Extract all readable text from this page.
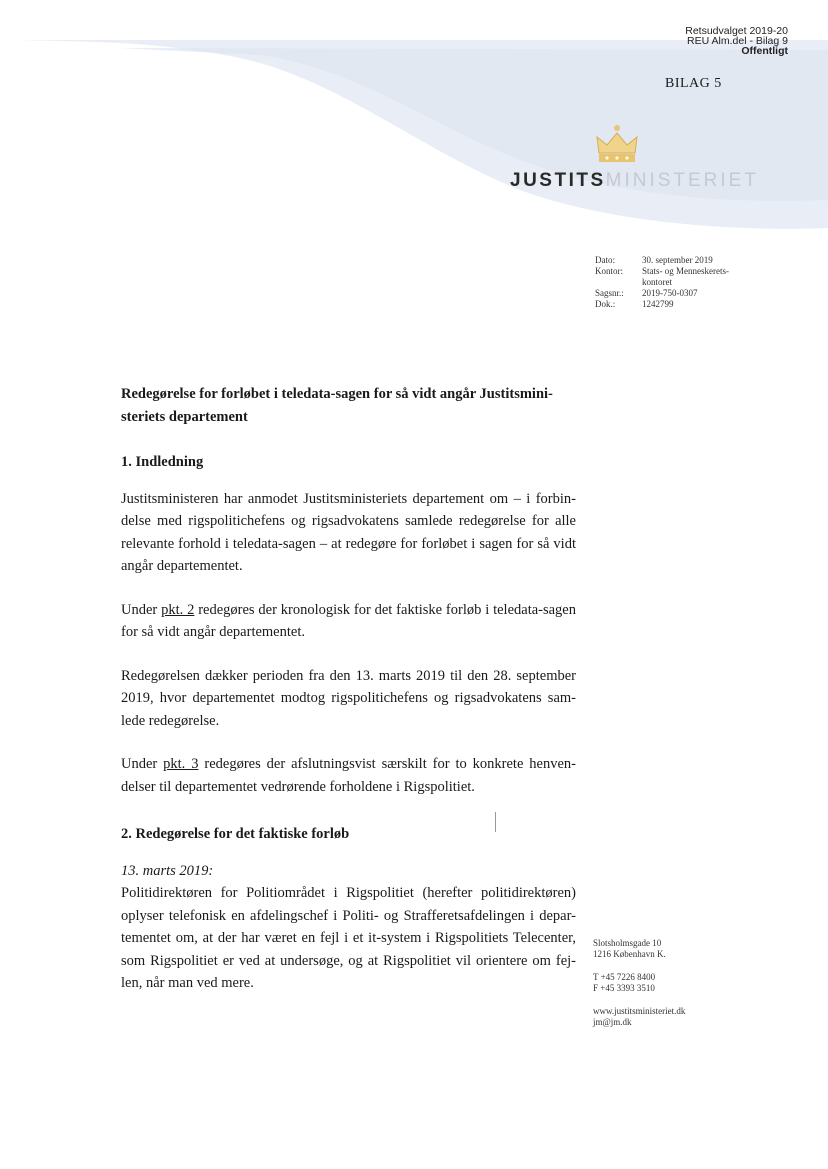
Retsudvalget 2019-20
REU Alm.del - Bilag 9
Offentligt
BILAG 5
JUSTITSMINISTERIET
Dato:	30. september 2019
Kontor:	Stats- og Menneskerets-
kontoret
Sagsnr.:	2019-750-0307
Dok.:	1242799

Redegørelse for forløbet i teledata-sagen for så vidt angår Justitsmini-steriets departement

1. Indledning

Justitsministeren har anmodet Justitsministeriets departement om – i forbin-delse med rigspolitichefens og rigsadvokatens samlede redegørelse for alle relevante forhold i teledata-sagen – at redegøre for forløbet i sagen for så vidt angår departementet.

Under pkt. 2 redegøres der kronologisk for det faktiske forløb i teledata-sagen for så vidt angår departementet.

Redegørelsen dækker perioden fra den 13. marts 2019 til den 28. september 2019, hvor departementet modtog rigspolitichefens og rigsadvokatens sam-lede redegørelse.

Under pkt. 3 redegøres der afslutningsvist særskilt for to konkrete henven-delser til departementet vedrørende forholdene i Rigspolitiet.

2. Redegørelse for det faktiske forløb

13. marts 2019:

Politidirektøren for Politiområdet i Rigspolitiet (herefter politidirektøren) oplyser telefonisk en afdelingschef i Politi- og Strafferetsafdelingen i depar-tementet om, at der har været en fejl i et it-system i Rigspolitiets Telecenter, som Rigspolitiet er ved at undersøge, og at Rigspolitiet vil orientere om fej-len, når man ved mere.

Slotsholmsgade 10
1216 København K.
T +45 7226 8400
F +45 3393 3510
www.justitsministeriet.dk
jm@jm.dk
